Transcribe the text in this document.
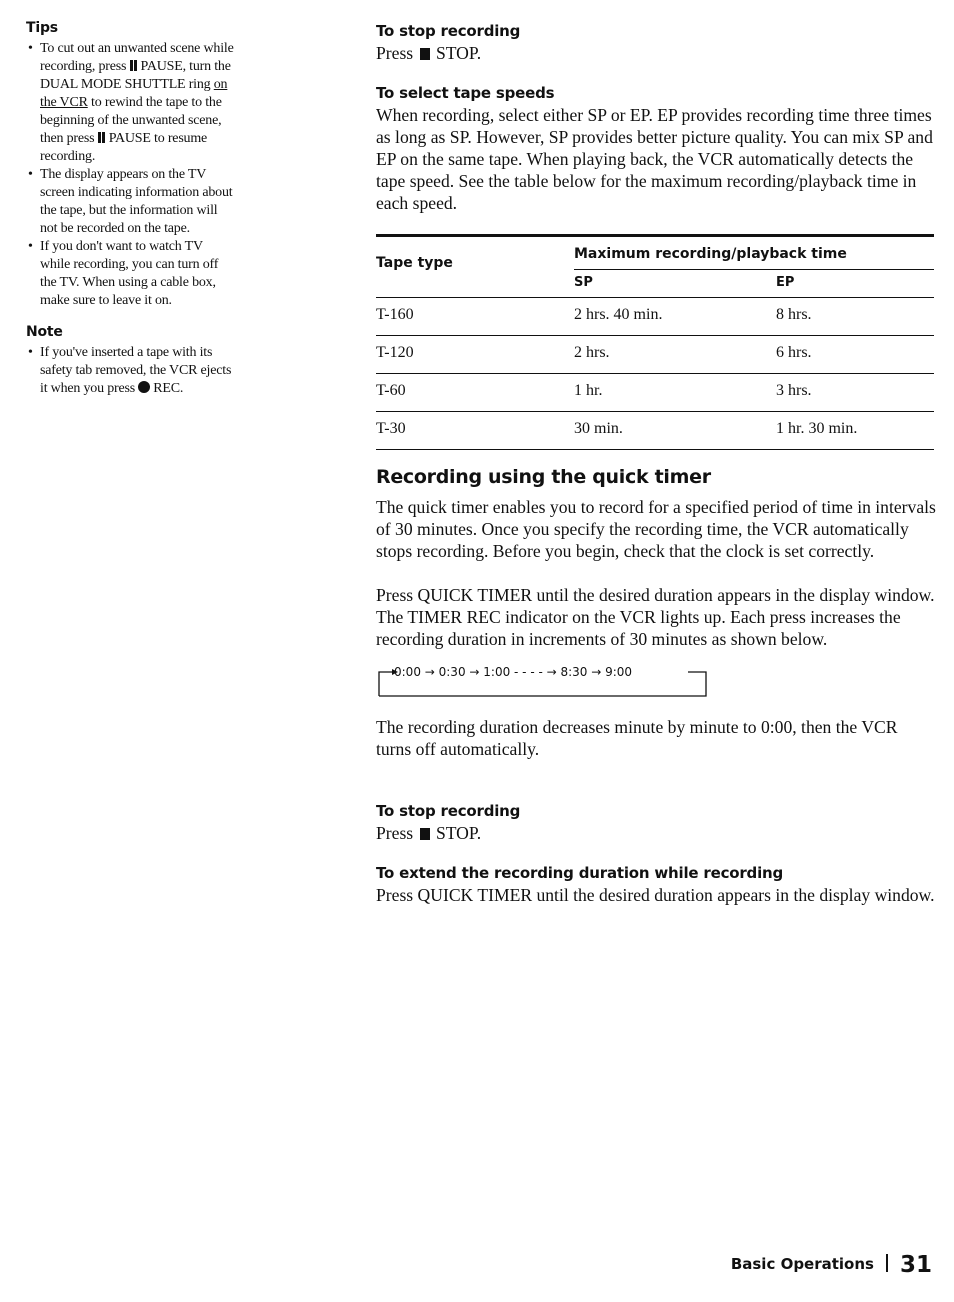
Tips
• To cut out an unwanted scene while recording, press PAUSE, turn the DUAL MODE SHUTTLE ring on the VCR to rewind the tape to the beginning of the unwanted scene, then press PAUSE to resume recording.
• The display appears on the TV screen indicating information about the tape, but the information will not be recorded on the tape.
• If you don't want to watch TV while recording, you can turn off the TV. When using a cable box, make sure to leave it on.
Note
• If you've inserted a tape with its safety tab removed, the VCR ejects it when you press REC.
To stop recording

Press STOP.

To select tape speeds

When recording, select either SP or EP. EP provides recording time three times as long as SP. However, SP provides better picture quality. You can mix SP and EP on the same tape. When playing back, the VCR automatically detects the tape speed. See the table below for the maximum recording/playback time in each speed.

Tape type
Maximum recording/playback time
SP	EP
T-160	2 hrs. 40 min.	8 hrs.
T-120	2 hrs.	6 hrs.
T-60	1 hr.	3 hrs.
T-30	30 min.	1 hr. 30 min.
Recording using the quick timer

The quick timer enables you to record for a specified period of time in intervals of 30 minutes. Once you specify the recording time, the VCR automatically stops recording. Before you begin, check that the clock is set correctly.

Press QUICK TIMER until the desired duration appears in the display window. The TIMER REC indicator on the VCR lights up. Each press increases the recording duration in increments of 30 minutes as shown below.

0:00 → 0:30 → 1:00 - - - - → 8:30 → 9:00

The recording duration decreases minute by minute to 0:00, then the VCR turns off automatically.

To stop recording

Press STOP.

To extend the recording duration while recording

Press QUICK TIMER until the desired duration appears in the display window.

Basic Operations 31
